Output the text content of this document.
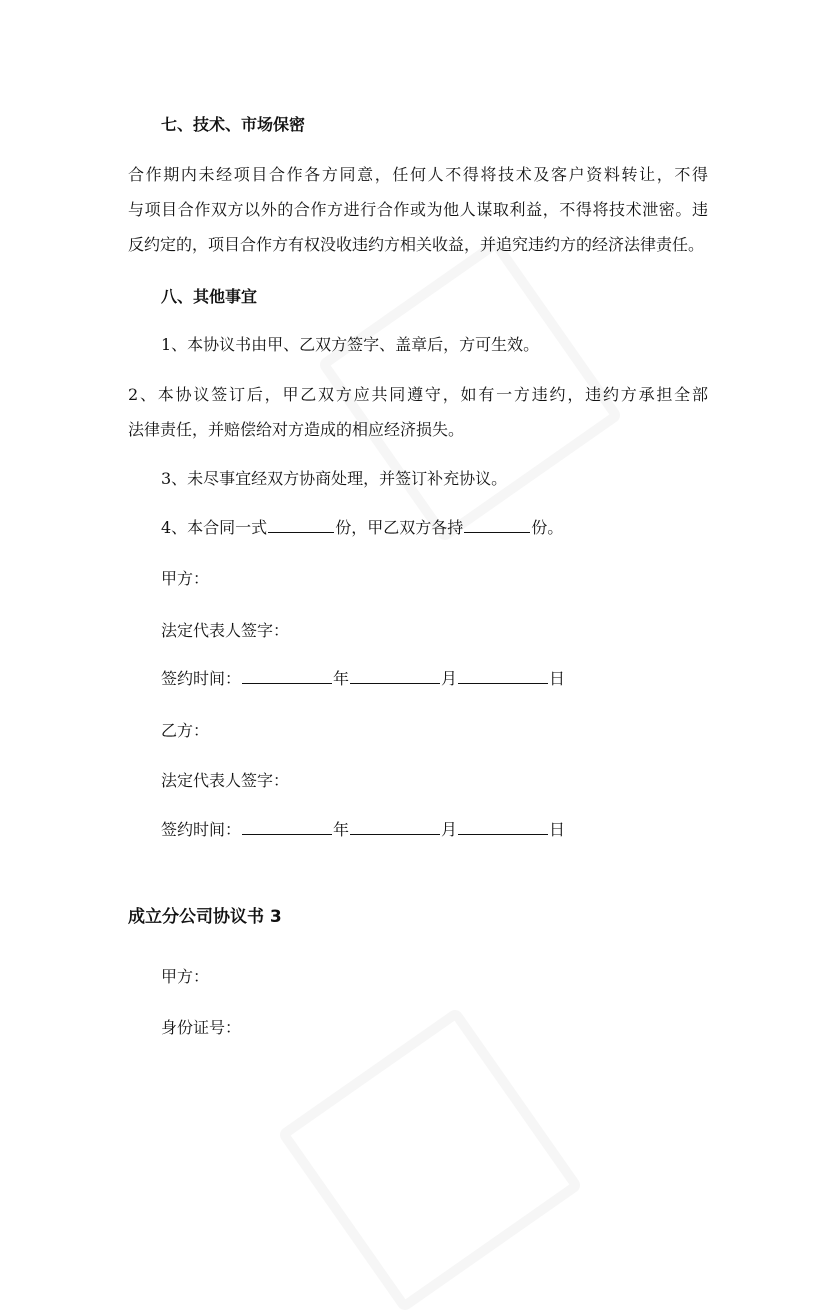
七、技术、市场保密
合作期内未经项目合作各方同意，任何人不得将技术及客户资料转让，不得
与项目合作双方以外的合作方进行合作或为他人谋取利益，不得将技术泄密。违
反约定的，项目合作方有权没收违约方相关收益，并追究违约方的经济法律责任。
八、其他事宜
1、本协议书由甲、乙双方签字、盖章后，方可生效。
2、本协议签订后，甲乙双方应共同遵守，如有一方违约，违约方承担全部
法律责任，并赔偿给对方造成的相应经济损失。
3、未尽事宜经双方协商处理，并签订补充协议。
4、本合同一式	份，甲乙双方各持	份。
甲方：
法定代表人签字：
签约时间：	年	月	日
乙方：
法定代表人签字：
签约时间：	年	月	日
成立分公司协议书 3
甲方：
身份证号：
